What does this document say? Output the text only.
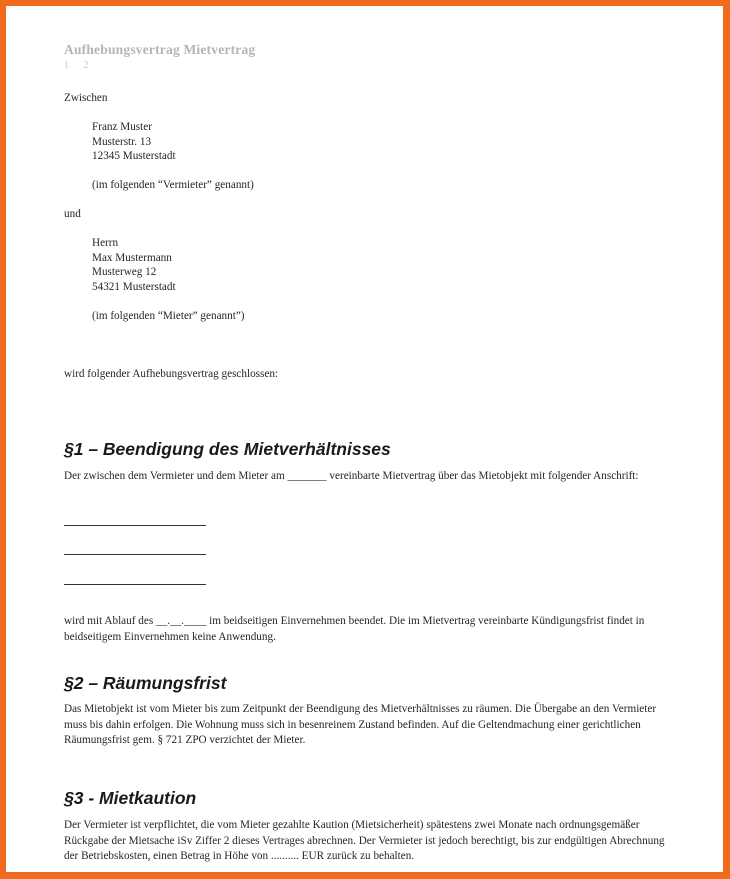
Aufhebungsvertrag Mietvertrag

1 2

Zwischen

Franz Muster

Musterstr. 13

12345 Musterstadt

(im folgenden “Vermieter” genannt)

und

Herrn

Max Mustermann

Musterweg 12

54321 Musterstadt

(im folgenden “Mieter” genannt”)

wird folgender Aufhebungsvertrag geschlossen:

§1 – Beendigung des Mietverhältnisses

Der zwischen dem Vermieter und dem Mieter am _______ vereinbarte Mietvertrag über das Mietobjekt mit folgender Anschrift:

wird mit Ablauf des __.__.____ im beidseitigen Einvernehmen beendet. Die im Mietvertrag vereinbarte Kündigungsfrist findet in beidseitigem Einvernehmen keine Anwendung.

§2 – Räumungsfrist

Das Mietobjekt ist vom Mieter bis zum Zeitpunkt der Beendigung des Mietverhältnisses zu räumen. Die Übergabe an den Vermieter muss bis dahin erfolgen. Die Wohnung muss sich in besenreinem Zustand befinden. Auf die Geltendmachung einer gerichtlichen Räumungsfrist gem. § 721 ZPO verzichtet der Mieter.

§3 - Mietkaution

Der Vermieter ist verpflichtet, die vom Mieter gezahlte Kaution (Mietsicherheit) spätestens zwei Monate nach ordnungsgemäßer Rückgabe der Mietsache iSv Ziffer 2 dieses Vertrages abrechnen. Der Vermieter ist jedoch berechtigt, bis zur endgültigen Abrechnung der Betriebskosten, einen Betrag in Höhe von .......... EUR zurück zu behalten.
